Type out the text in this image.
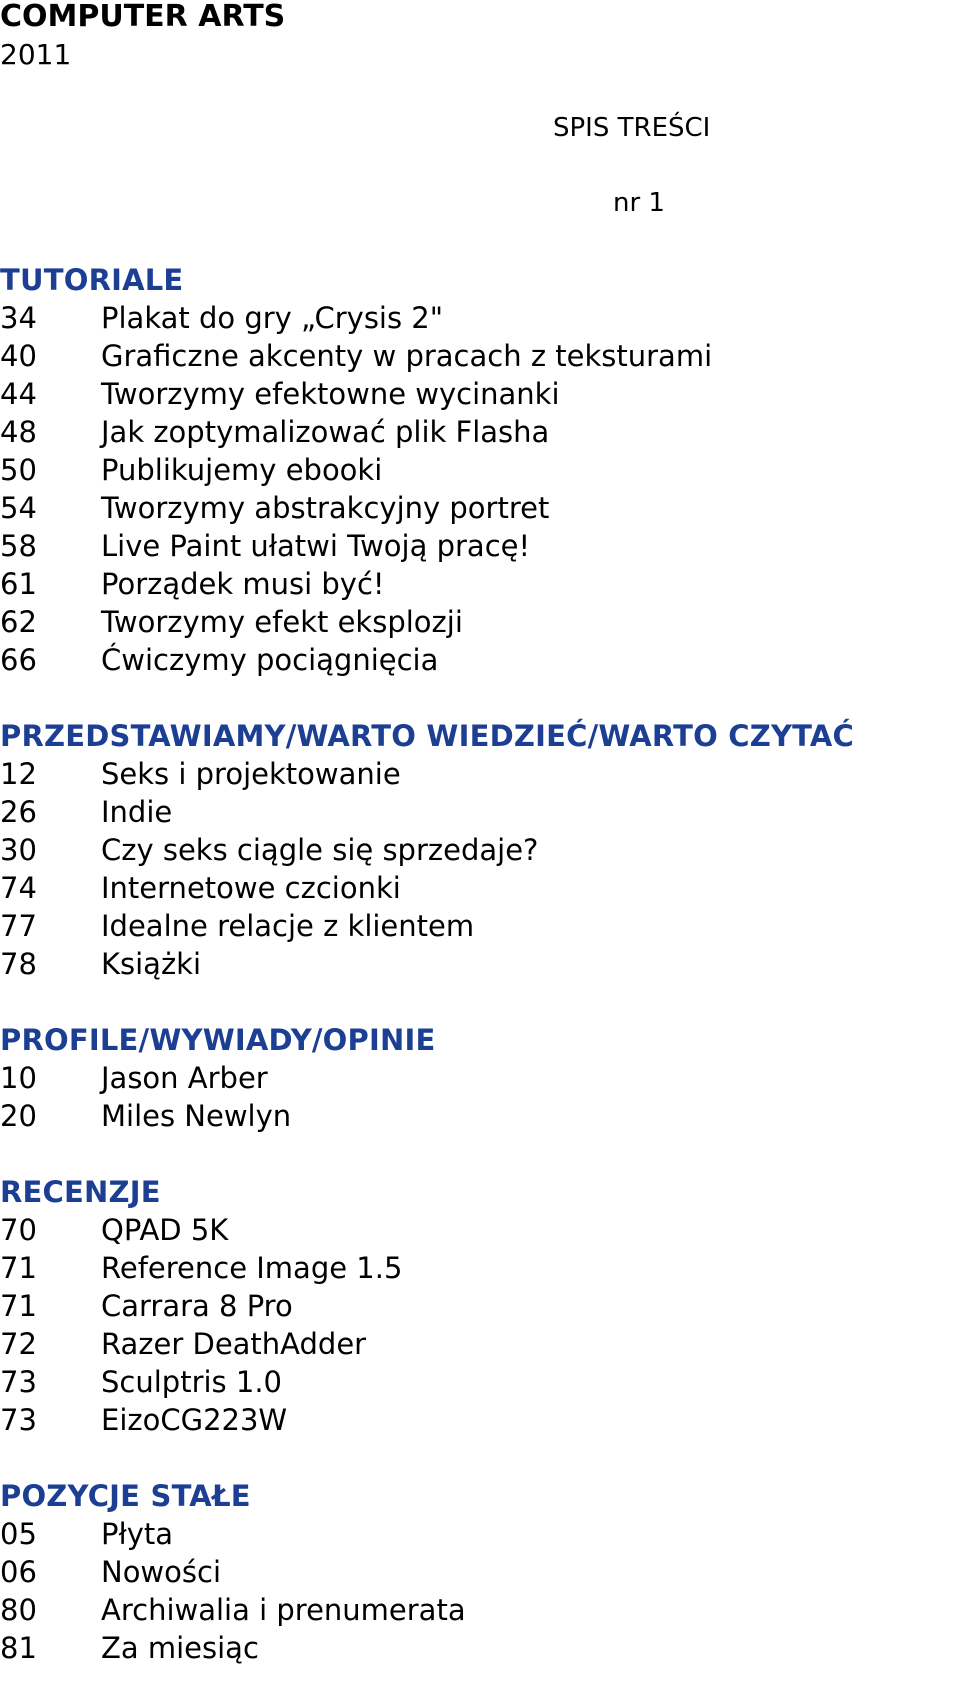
COMPUTER ARTS
2011
SPIS TREŚCI
nr 1
TUTORIALE
34 Plakat do gry „Crysis 2"
40 Graficzne akcenty w pracach z teksturami
44 Tworzymy efektowne wycinanki
48 Jak zoptymalizować plik Flasha
50 Publikujemy ebooki
54 Tworzymy abstrakcyjny portret
58 Live Paint ułatwi Twoją pracę!
61 Porządek musi być!
62 Tworzymy efekt eksplozji
66 Ćwiczymy pociągnięcia
PRZEDSTAWIAMY/WARTO WIEDZIEĆ/WARTO CZYTAĆ
12 Seks i projektowanie
26 Indie
30 Czy seks ciągle się sprzedaje?
74 Internetowe czcionki
77 Idealne relacje z klientem
78 Książki
PROFILE/WYWIADY/OPINIE
10 Jason Arber
20 Miles Newlyn
RECENZJE
70 QPAD 5K
71 Reference Image 1.5
71 Carrara 8 Pro
72 Razer DeathAdder
73 Sculptris 1.0
73 EizoCG223W
POZYCJE STAŁE
05 Płyta
06 Nowości
80 Archiwalia i prenumerata
81 Za miesiąc
